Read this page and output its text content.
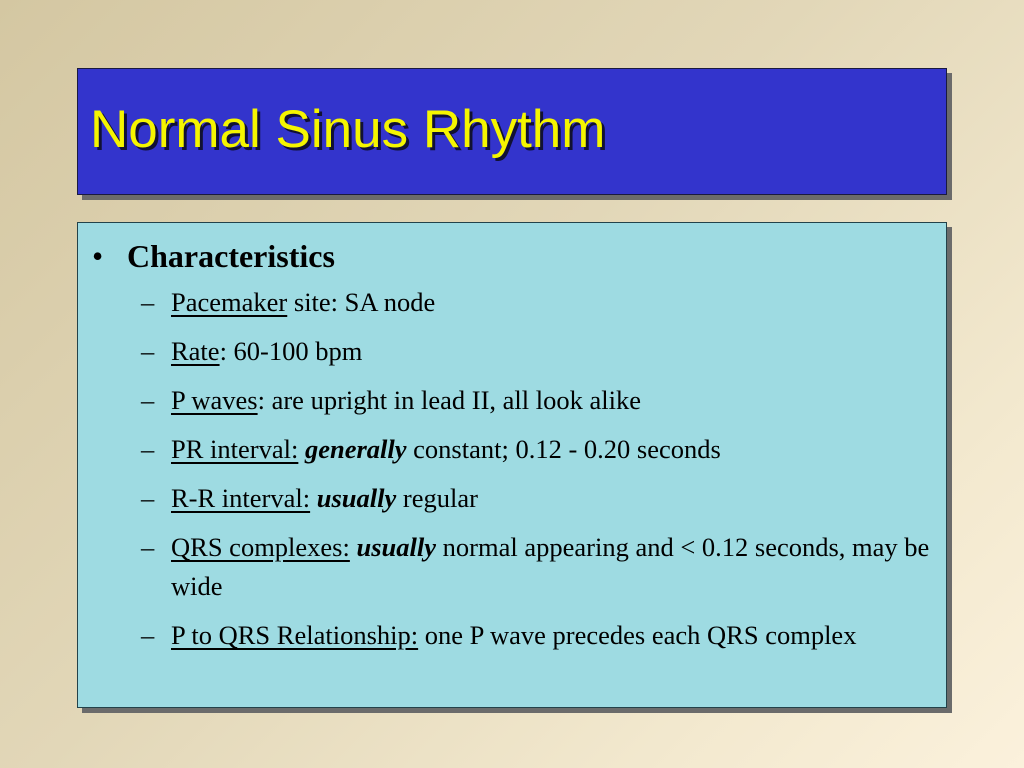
Normal Sinus Rhythm
• Characteristics
– Pacemaker site: SA node
– Rate: 60-100 bpm
– P waves: are upright in lead II, all look alike
– PR interval: generally constant; 0.12 - 0.20 seconds
– R-R interval: usually regular
– QRS complexes: usually normal appearing and < 0.12 seconds, may be wide
– P to QRS Relationship: one P wave precedes each QRS complex
